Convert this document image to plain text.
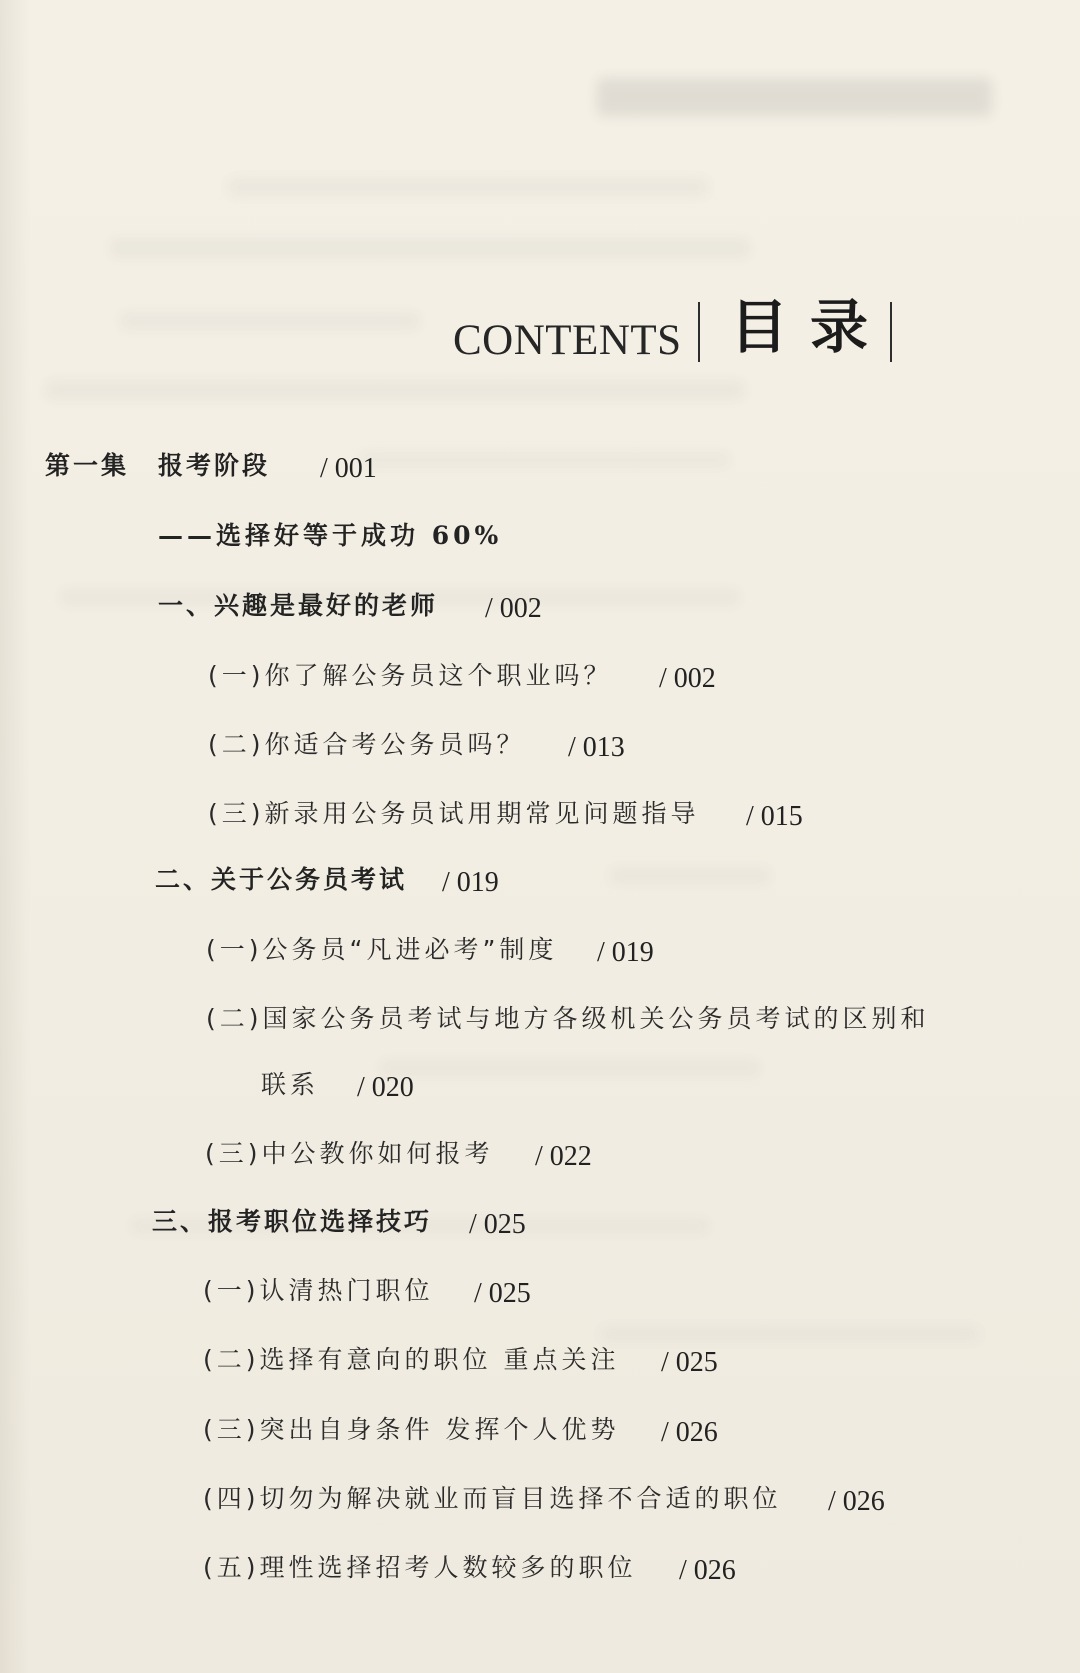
CONTENTS 目录
第一集 报考阶段 / 001
——选择好等于成功 60%
一、兴趣是最好的老师 / 002
(一)你了解公务员这个职业吗？ / 002
(二)你适合考公务员吗？ / 013
(三)新录用公务员试用期常见问题指导 / 015
二、关于公务员考试 / 019
(一)公务员“凡进必考”制度 / 019
(二)国家公务员考试与地方各级机关公务员考试的区别和
联系 / 020
(三)中公教你如何报考 / 022
三、报考职位选择技巧 / 025
(一)认清热门职位 / 025
(二)选择有意向的职位 重点关注 / 025
(三)突出自身条件 发挥个人优势 / 026
(四)切勿为解决就业而盲目选择不合适的职位 / 026
(五)理性选择招考人数较多的职位 / 026
